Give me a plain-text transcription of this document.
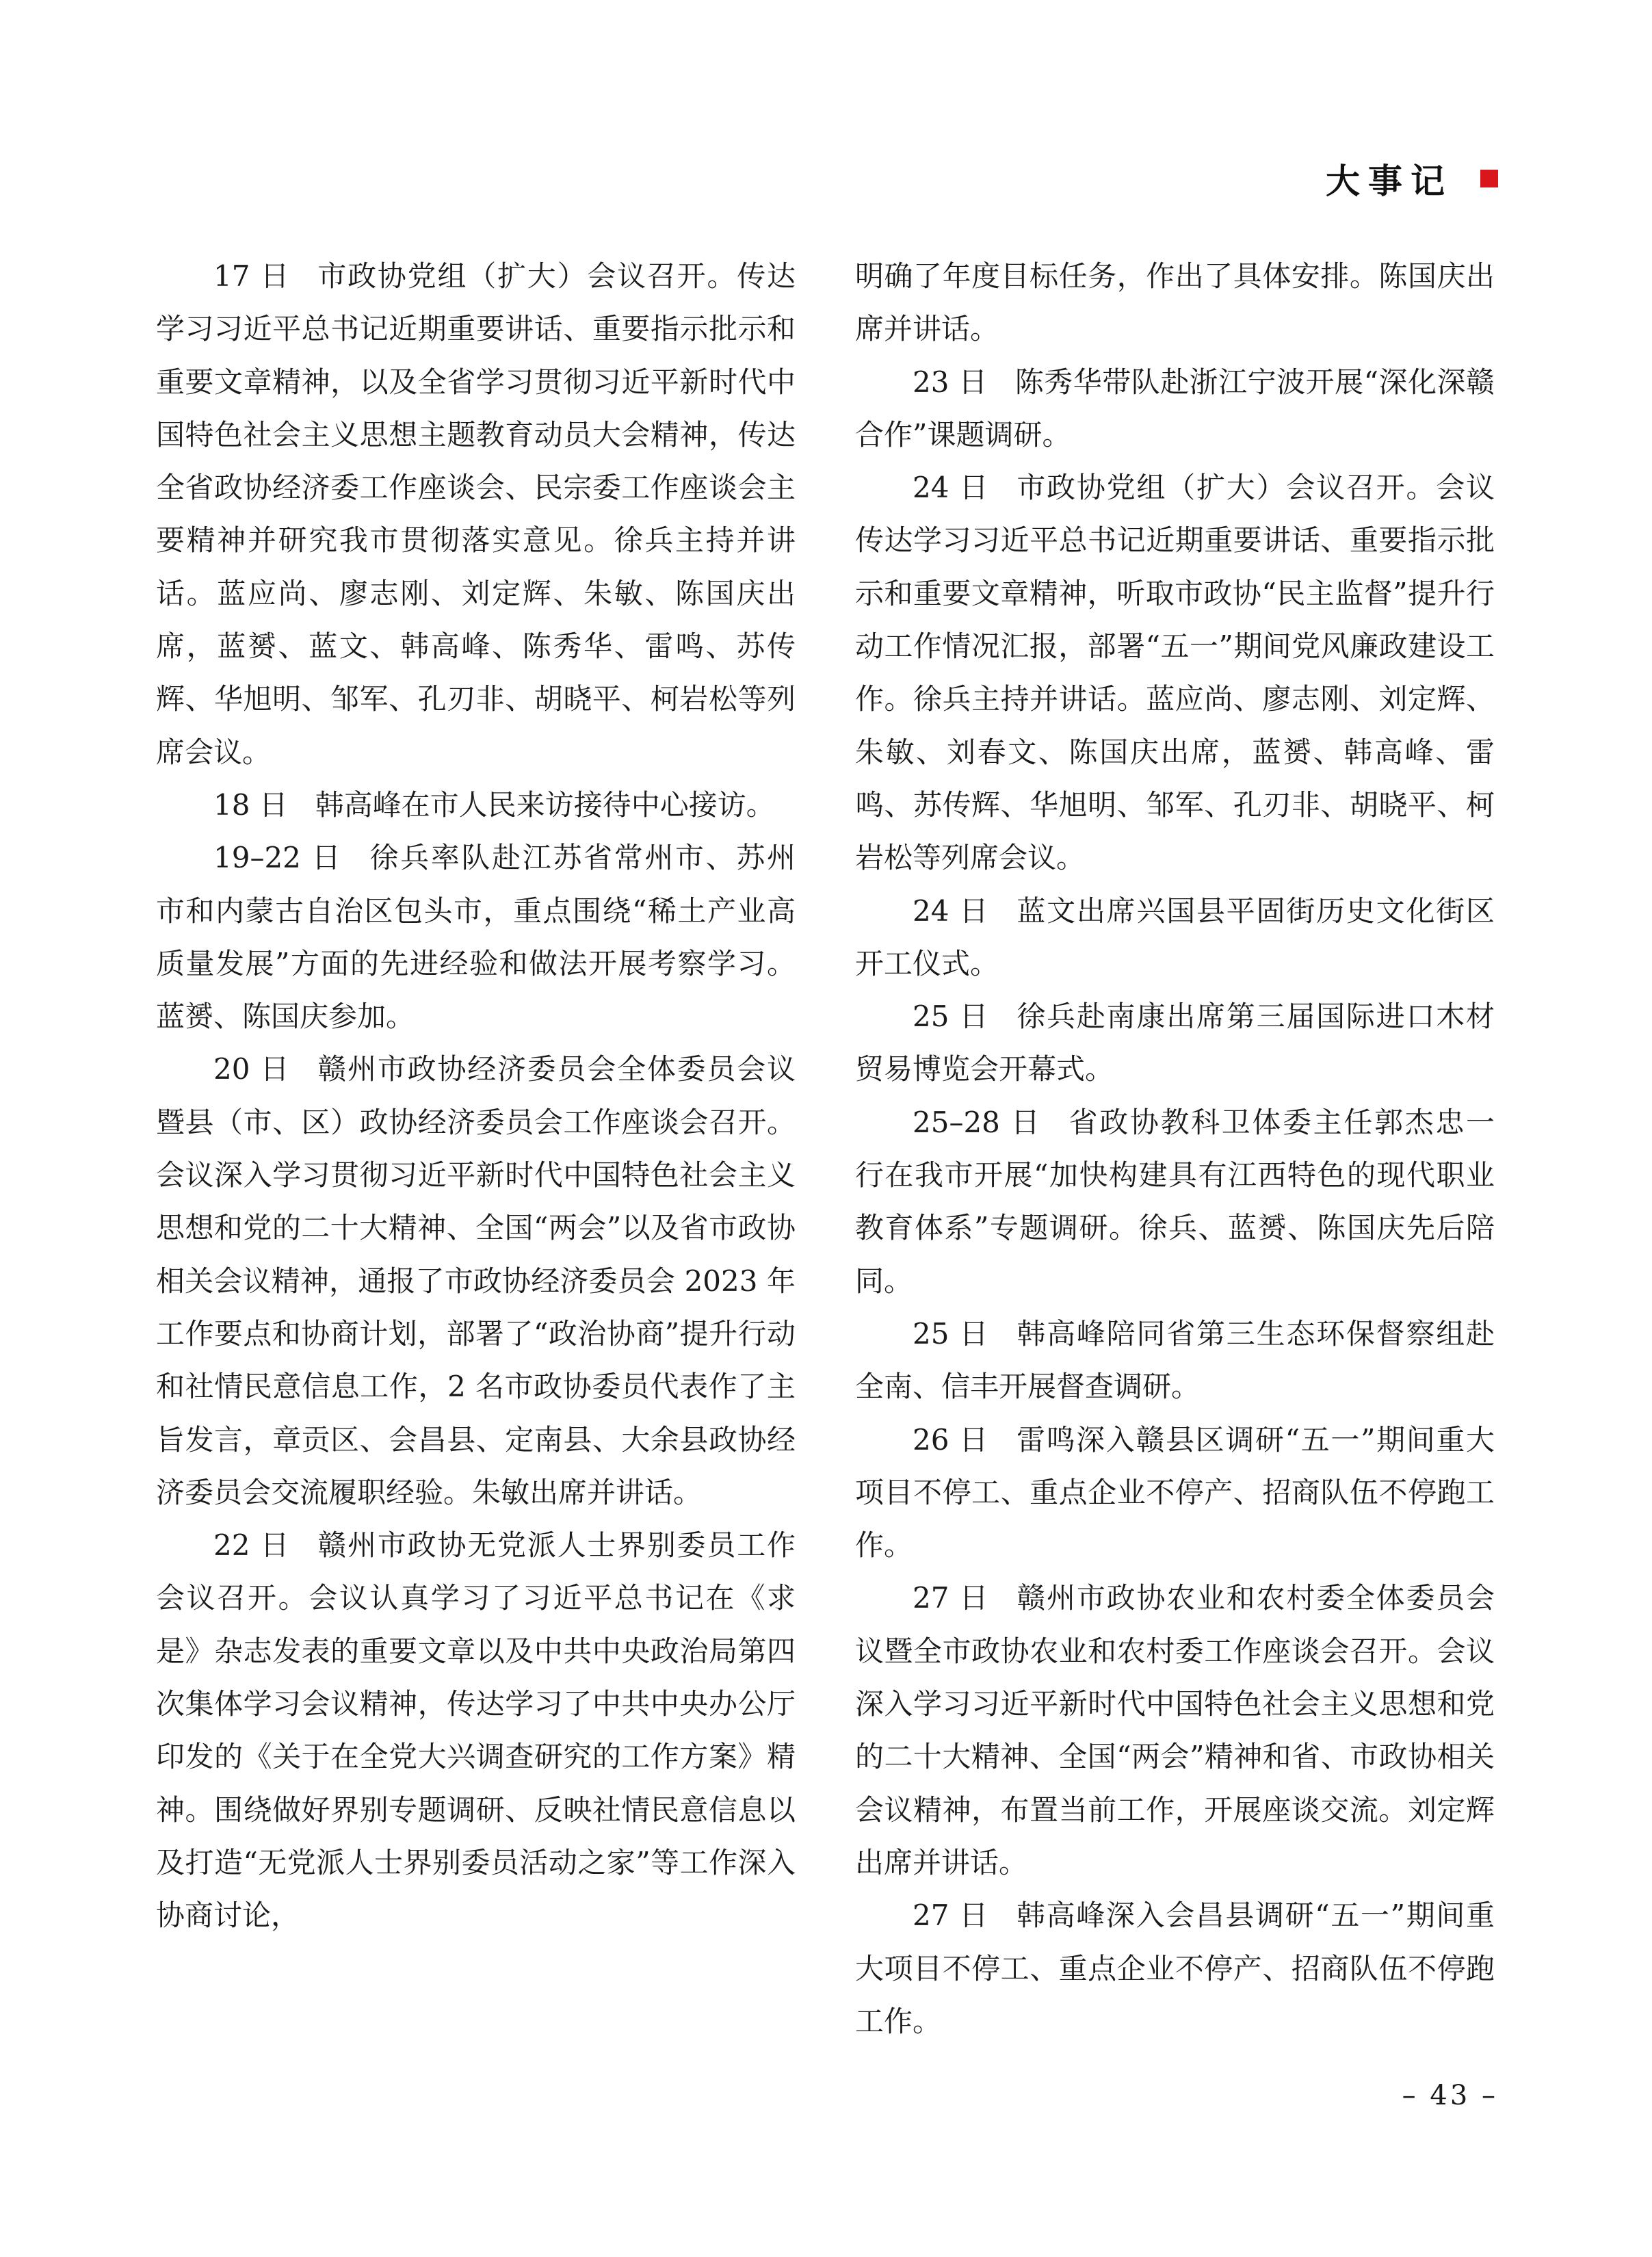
大事记

17 日 市政协党组（扩大）会议召开。传达学习习近平总书记近期重要讲话、重要指示批示和重要文章精神，以及全省学习贯彻习近平新时代中国特色社会主义思想主题教育动员大会精神，传达全省政协经济委工作座谈会、民宗委工作座谈会主要精神并研究我市贯彻落实意见。徐兵主持并讲话。蓝应尚、廖志刚、刘定辉、朱敏、陈国庆出席，蓝赟、蓝文、韩高峰、陈秀华、雷鸣、苏传辉、华旭明、邹军、孔刃非、胡晓平、柯岩松等列席会议。

18 日 韩高峰在市人民来访接待中心接访。

19–22 日 徐兵率队赴江苏省常州市、苏州市和内蒙古自治区包头市，重点围绕“稀土产业高质量发展”方面的先进经验和做法开展考察学习。蓝赟、陈国庆参加。

20 日 赣州市政协经济委员会全体委员会议暨县（市、区）政协经济委员会工作座谈会召开。会议深入学习贯彻习近平新时代中国特色社会主义思想和党的二十大精神、全国“两会”以及省市政协相关会议精神，通报了市政协经济委员会 2023 年工作要点和协商计划，部署了“政治协商”提升行动和社情民意信息工作，2 名市政协委员代表作了主旨发言，章贡区、会昌县、定南县、大余县政协经济委员会交流履职经验。朱敏出席并讲话。

22 日 赣州市政协无党派人士界别委员工作会议召开。会议认真学习了习近平总书记在《求是》杂志发表的重要文章以及中共中央政治局第四次集体学习会议精神，传达学习了中共中央办公厅印发的《关于在全党大兴调查研究的工作方案》精神。围绕做好界别专题调研、反映社情民意信息以及打造“无党派人士界别委员活动之家”等工作深入协商讨论，

明确了年度目标任务，作出了具体安排。陈国庆出席并讲话。

23 日 陈秀华带队赴浙江宁波开展“深化深赣合作”课题调研。

24 日 市政协党组（扩大）会议召开。会议传达学习习近平总书记近期重要讲话、重要指示批示和重要文章精神，听取市政协“民主监督”提升行动工作情况汇报，部署“五一”期间党风廉政建设工作。徐兵主持并讲话。蓝应尚、廖志刚、刘定辉、朱敏、刘春文、陈国庆出席，蓝赟、韩高峰、雷鸣、苏传辉、华旭明、邹军、孔刃非、胡晓平、柯岩松等列席会议。

24 日 蓝文出席兴国县平固街历史文化街区开工仪式。

25 日 徐兵赴南康出席第三届国际进口木材贸易博览会开幕式。

25–28 日 省政协教科卫体委主任郭杰忠一行在我市开展“加快构建具有江西特色的现代职业教育体系”专题调研。徐兵、蓝赟、陈国庆先后陪同。

25 日 韩高峰陪同省第三生态环保督察组赴全南、信丰开展督查调研。

26 日 雷鸣深入赣县区调研“五一”期间重大项目不停工、重点企业不停产、招商队伍不停跑工作。

27 日 赣州市政协农业和农村委全体委员会议暨全市政协农业和农村委工作座谈会召开。会议深入学习习近平新时代中国特色社会主义思想和党的二十大精神、全国“两会”精神和省、市政协相关会议精神，布置当前工作，开展座谈交流。刘定辉出席并讲话。

27 日 韩高峰深入会昌县调研“五一”期间重大项目不停工、重点企业不停产、招商队伍不停跑工作。

– 43 –
